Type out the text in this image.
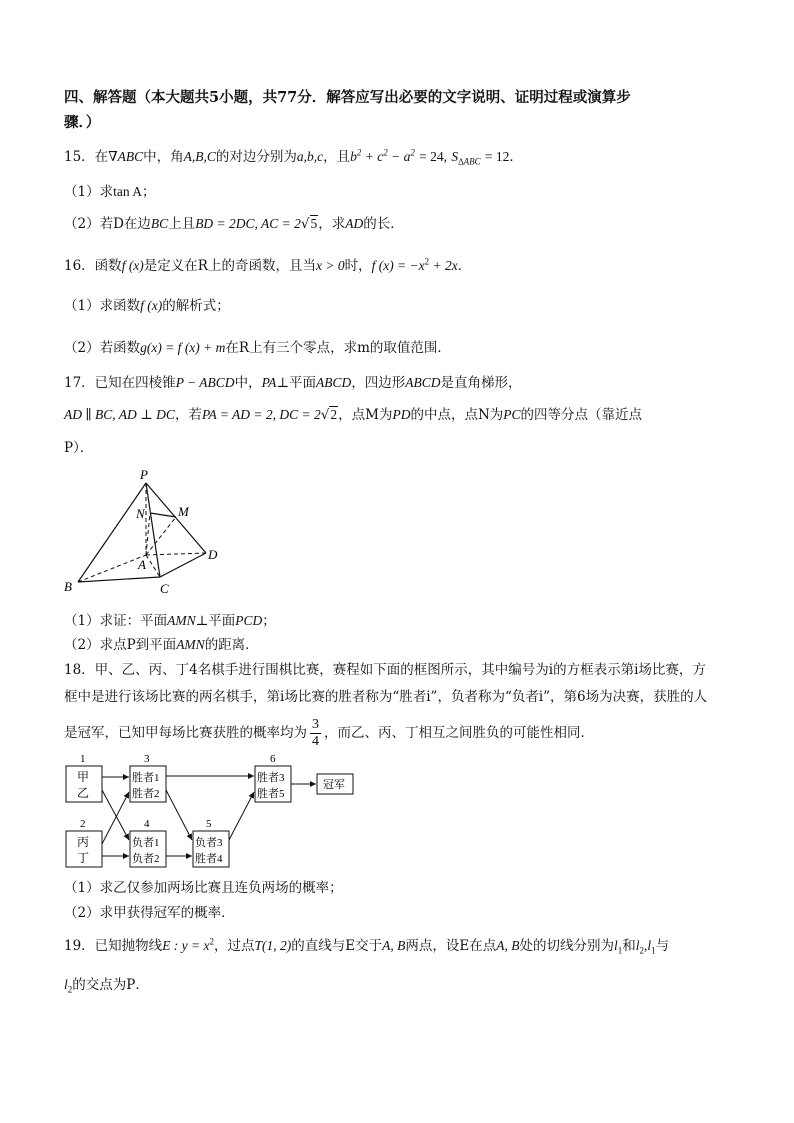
四、解答题（本大题共5小题，共77分．解答应写出必要的文字说明、证明过程或演算步
骤．）
15．在∇ABC中，角A,B,C的对边分别为a,b,c，且$b^2 + c^2 - a^2 = 24$, $S_{\Delta ABC} = 12$．
（1）求tan A；
（2）若D在边BC上且BD = 2DC, AC = 2√5，求AD的长．
16．函数f (x)是定义在R上的奇函数，且当x > 0时，f $(x) = -x^2 + 2x$．
（1）求函数f (x)的解析式；
（2）若函数g(x) = f (x) + m在R上有三个零点，求m的取值范围．
17．已知在四棱锥P − ABCD中，PA⊥平面ABCD，四边形ABCD是直角梯形，
AD ∥ BC, AD ⊥ DC，若PA = AD = 2, DC = 2√2，点M为PD的中点，点N为PC的四等分点（靠近点
P）．
P
N	M
A
D
B	C
（1）求证：平面AMN⊥平面PCD；
（2）求点P到平面AMN的距离．
18．甲、乙、丙、丁4名棋手进行围棋比赛，赛程如下面的框图所示，其中编号为i的方框表示第i场比赛，方
框中是进行该场比赛的两名棋手，第i场比赛的胜者称为“胜者i”，负者称为“负者i”，第6场为决赛，获胜的人
是冠军，已知甲每场比赛获胜的概率均为 $\frac{3}{4}$ ，而乙、丙、丁相互之间胜负的可能性相同．
1	3	6
2	4	5
甲
乙
丙
丁
胜者1
胜者2
负者1
负者2
负者3
胜者4
胜者3
胜者5
冠军
（1）求乙仅参加两场比赛且连负两场的概率；
（2）求甲获得冠军的概率．
19．已知抛物线E : $y = x^2$，过点T(1, 2)的直线与E交于A, B两点，设E在点A, B处的切线分别为$l_1$和$l_2,l_1$与
$l_2$的交点为P．
